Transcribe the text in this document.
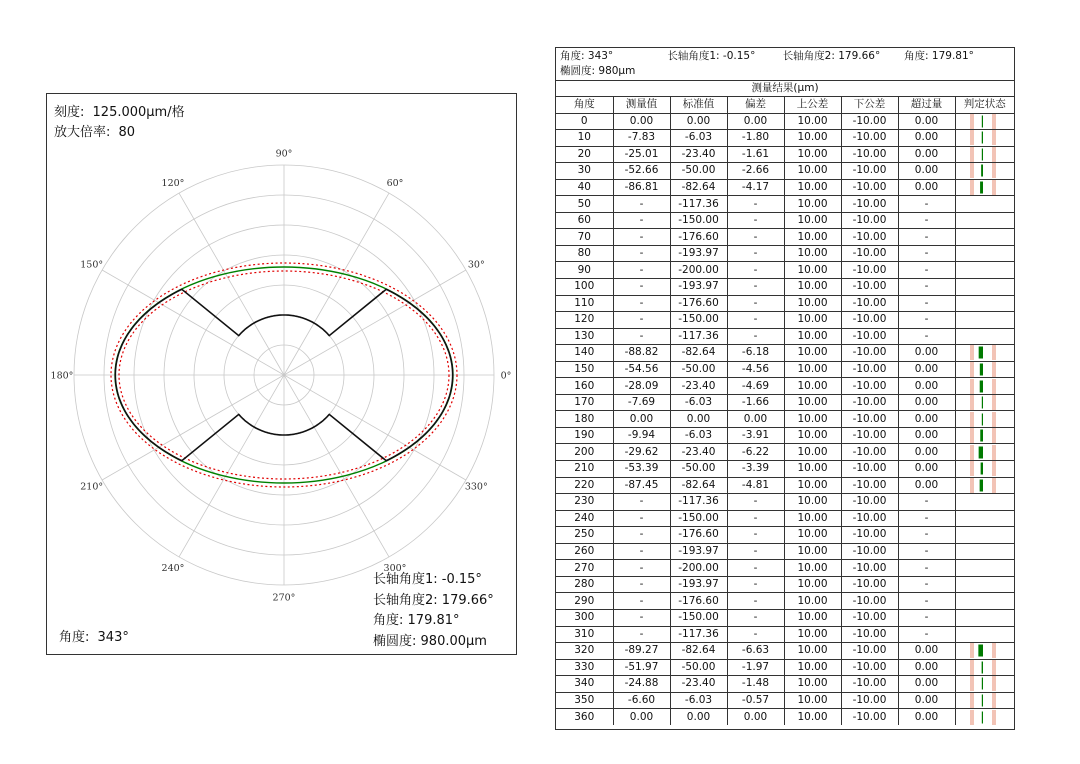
刻度: 125.000μm/格
放大倍率: 80
0°
30°
60°
90°
120°
150°
180°
210°
240°
270°
300°
330°
角度: 343°
长轴角度1: -0.15°
长轴角度2: 179.66°
角度: 179.81°
椭圆度: 980.00μm
角度: 343°	长轴角度1: -0.15°	长轴角度2: 179.66° 角度: 179.81°
椭圆度: 980μm
测量结果(μm)
角度	测量值	标准值	偏差	上公差	下公差	超过量	判定状态
0	0.00	0.00	0.00	10.00	-10.00	0.00	

10	-7.83	-6.03	-1.80	10.00	-10.00	0.00	

20	-25.01	-23.40	-1.61	10.00	-10.00	0.00	

30	-52.66	-50.00	-2.66	10.00	-10.00	0.00	

40	-86.81	-82.64	-4.17	10.00	-10.00	0.00	

50	-	-117.36	-	10.00	-10.00	-	
60	-	-150.00	-	10.00	-10.00	-	
70	-	-176.60	-	10.00	-10.00	-	
80	-	-193.97	-	10.00	-10.00	-	
90	-	-200.00	-	10.00	-10.00	-	
100	-	-193.97	-	10.00	-10.00	-	
110	-	-176.60	-	10.00	-10.00	-	
120	-	-150.00	-	10.00	-10.00	-	
130	-	-117.36	-	10.00	-10.00	-	
140	-88.82	-82.64	-6.18	10.00	-10.00	0.00	

150	-54.56	-50.00	-4.56	10.00	-10.00	0.00	

160	-28.09	-23.40	-4.69	10.00	-10.00	0.00	

170	-7.69	-6.03	-1.66	10.00	-10.00	0.00	

180	0.00	0.00	0.00	10.00	-10.00	0.00	

190	-9.94	-6.03	-3.91	10.00	-10.00	0.00	

200	-29.62	-23.40	-6.22	10.00	-10.00	0.00	

210	-53.39	-50.00	-3.39	10.00	-10.00	0.00	

220	-87.45	-82.64	-4.81	10.00	-10.00	0.00	

230	-	-117.36	-	10.00	-10.00	-	
240	-	-150.00	-	10.00	-10.00	-	
250	-	-176.60	-	10.00	-10.00	-	
260	-	-193.97	-	10.00	-10.00	-	
270	-	-200.00	-	10.00	-10.00	-	
280	-	-193.97	-	10.00	-10.00	-	
290	-	-176.60	-	10.00	-10.00	-	
300	-	-150.00	-	10.00	-10.00	-	
310	-	-117.36	-	10.00	-10.00	-	
320	-89.27	-82.64	-6.63	10.00	-10.00	0.00	

330	-51.97	-50.00	-1.97	10.00	-10.00	0.00	

340	-24.88	-23.40	-1.48	10.00	-10.00	0.00	

350	-6.60	-6.03	-0.57	10.00	-10.00	0.00	

360	0.00	0.00	0.00	10.00	-10.00	0.00	
